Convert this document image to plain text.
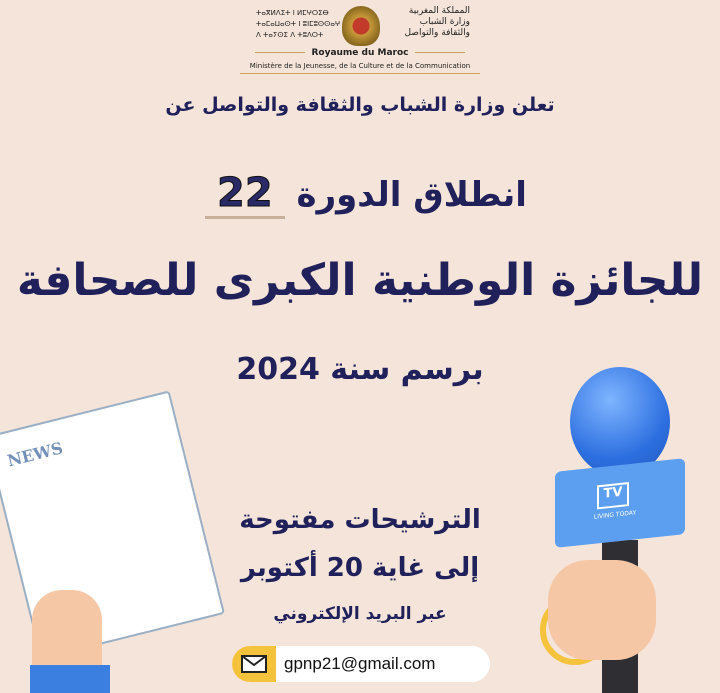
ⵜⴰⴳⵍⴷⵉⵜ ⵏ ⵍⵎⵖⵔⵉⴱ
ⵜⴰⵎⴰⵡⴰⵙⵜ ⵏ ⵓⵏⵎⵓⵙⵙⴰⵖ
ⴷ ⵜⴰⵢⵙⵉ ⴷ ⵜⵓⴷⵔⵜ
المملكة المغربية
وزارة الشباب
والثقافة والتواصل
Royaume du Maroc
Ministère de la Jeunesse, de la Culture et de la Communication
تعلن وزارة الشباب والثقافة والتواصل عن
انطلاق الدورة 22
للجائزة الوطنية الكبرى للصحافة
برسم سنة 2024
NEWS
TV
LIVING TODAY
الترشيحات مفتوحة
إلى غاية 20 أكتوبر
عبر البريد الإلكتروني
gpnp21@gmail.com
